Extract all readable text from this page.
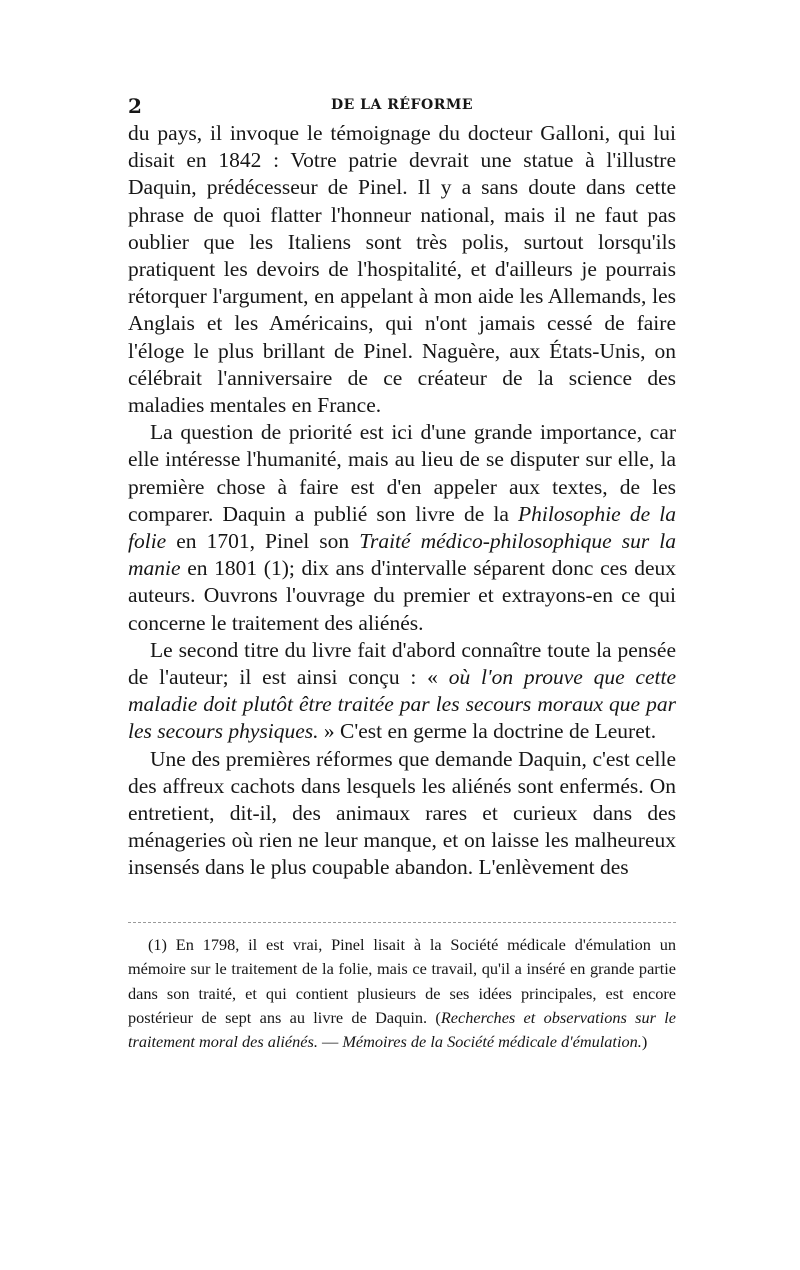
2	DE LA RÉFORME

du pays, il invoque le témoignage du docteur Galloni, qui lui disait en 1842 : Votre patrie devrait une statue à l'illustre Daquin, prédécesseur de Pinel. Il y a sans doute dans cette phrase de quoi flatter l'honneur national, mais il ne faut pas oublier que les Italiens sont très polis, surtout lorsqu'ils pratiquent les devoirs de l'hospitalité, et d'ailleurs je pourrais rétorquer l'argument, en appelant à mon aide les Allemands, les Anglais et les Américains, qui n'ont jamais cessé de faire l'éloge le plus brillant de Pinel. Naguère, aux États-Unis, on célébrait l'anniversaire de ce créateur de la science des maladies mentales en France.

La question de priorité est ici d'une grande importance, car elle intéresse l'humanité, mais au lieu de se disputer sur elle, la première chose à faire est d'en appeler aux textes, de les comparer. Daquin a publié son livre de la Philosophie de la folie en 1701, Pinel son Traité médico-philosophique sur la manie en 1801 (1); dix ans d'intervalle séparent donc ces deux auteurs. Ouvrons l'ouvrage du premier et extrayons-en ce qui concerne le traitement des aliénés.

Le second titre du livre fait d'abord connaître toute la pensée de l'auteur; il est ainsi conçu : « où l'on prouve que cette maladie doit plutôt être traitée par les secours moraux que par les secours physiques. » C'est en germe la doctrine de Leuret.

Une des premières réformes que demande Daquin, c'est celle des affreux cachots dans lesquels les aliénés sont enfermés. On entretient, dit-il, des animaux rares et curieux dans des ménageries où rien ne leur manque, et on laisse les malheureux insensés dans le plus coupable abandon. L'enlèvement des

(1) En 1798, il est vrai, Pinel lisait à la Société médicale d'émulation un mémoire sur le traitement de la folie, mais ce travail, qu'il a inséré en grande partie dans son traité, et qui contient plusieurs de ses idées principales, est encore postérieur de sept ans au livre de Daquin. (Recherches et observations sur le traitement moral des aliénés. — Mémoires de la Société médicale d'émulation.)
